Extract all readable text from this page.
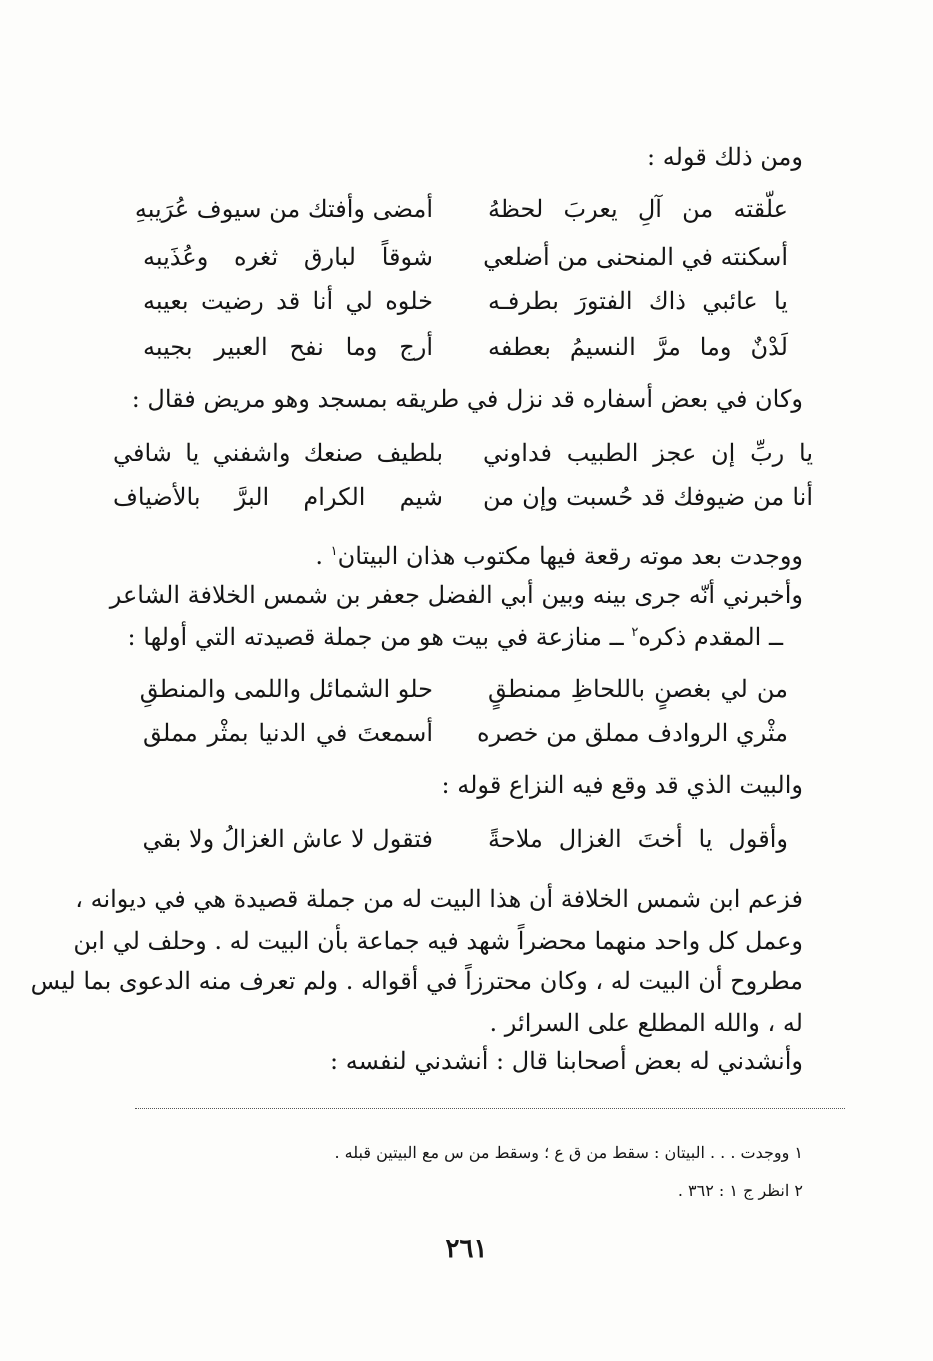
ومن ذلك قوله :
علّقته من آلِ يعربَ لحظهُ
أمضى وأفتك من سيوف عُرَيبهِ
أسكنته في المنحنى من أضلعي
شوقاً لبارق ثغره وعُذَيبه
يا عائبي ذاك الفتورَ بطرفـه
خلوه لي أنا قد رضيت بعيبه
لَدْنٌ وما مرَّ النسيمُ بعطفه
أرج وما نفح العبير بجيبه
وكان في بعض أسفاره قد نزل في طريقه بمسجد وهو مريض فقال :
يا ربِّ إن عجز الطبيب فداوني
بلطيف صنعك واشفني يا شافي
أنا من ضيوفك قد حُسبت وإن من
شيم الكرام البرَّ بالأضياف
ووجدت بعد موته رقعة فيها مكتوب هذان البيتان$^١$ .
وأخبرني أنّه جرى بينه وبين أبي الفضل جعفر بن شمس الخلافة الشاعر
ــ المقدم ذكره$^٢$ ــ منازعة في بيت هو من جملة قصيدته التي أولها :
من لي بغصنٍ باللحاظِ ممنطقٍ
حلو الشمائل واللمى والمنطقِ
مثْري الروادف مملق من خصره
أسمعتَ في الدنيا بمثْر مملق
والبيت الذي قد وقع فيه النزاع قوله :
وأقول يا أختَ الغزال ملاحةً
فتقول لا عاش الغزالُ ولا بقي
فزعم ابن شمس الخلافة أن هذا البيت له من جملة قصيدة هي في ديوانه ،
وعمل كل واحد منهما محضراً شهد فيه جماعة بأن البيت له . وحلف لي ابن
مطروح أن البيت له ، وكان محترزاً في أقواله . ولم تعرف منه الدعوى بما ليس
له ، والله المطلع على السرائر .
وأنشدني له بعض أصحابنا قال : أنشدني لنفسه :
١ ووجدت . . . البيتان : سقط من ق ع ؛ وسقط من س مع البيتين قبله .
٢ انظر ج ١ : ٣٦٢ .
٢٦١
